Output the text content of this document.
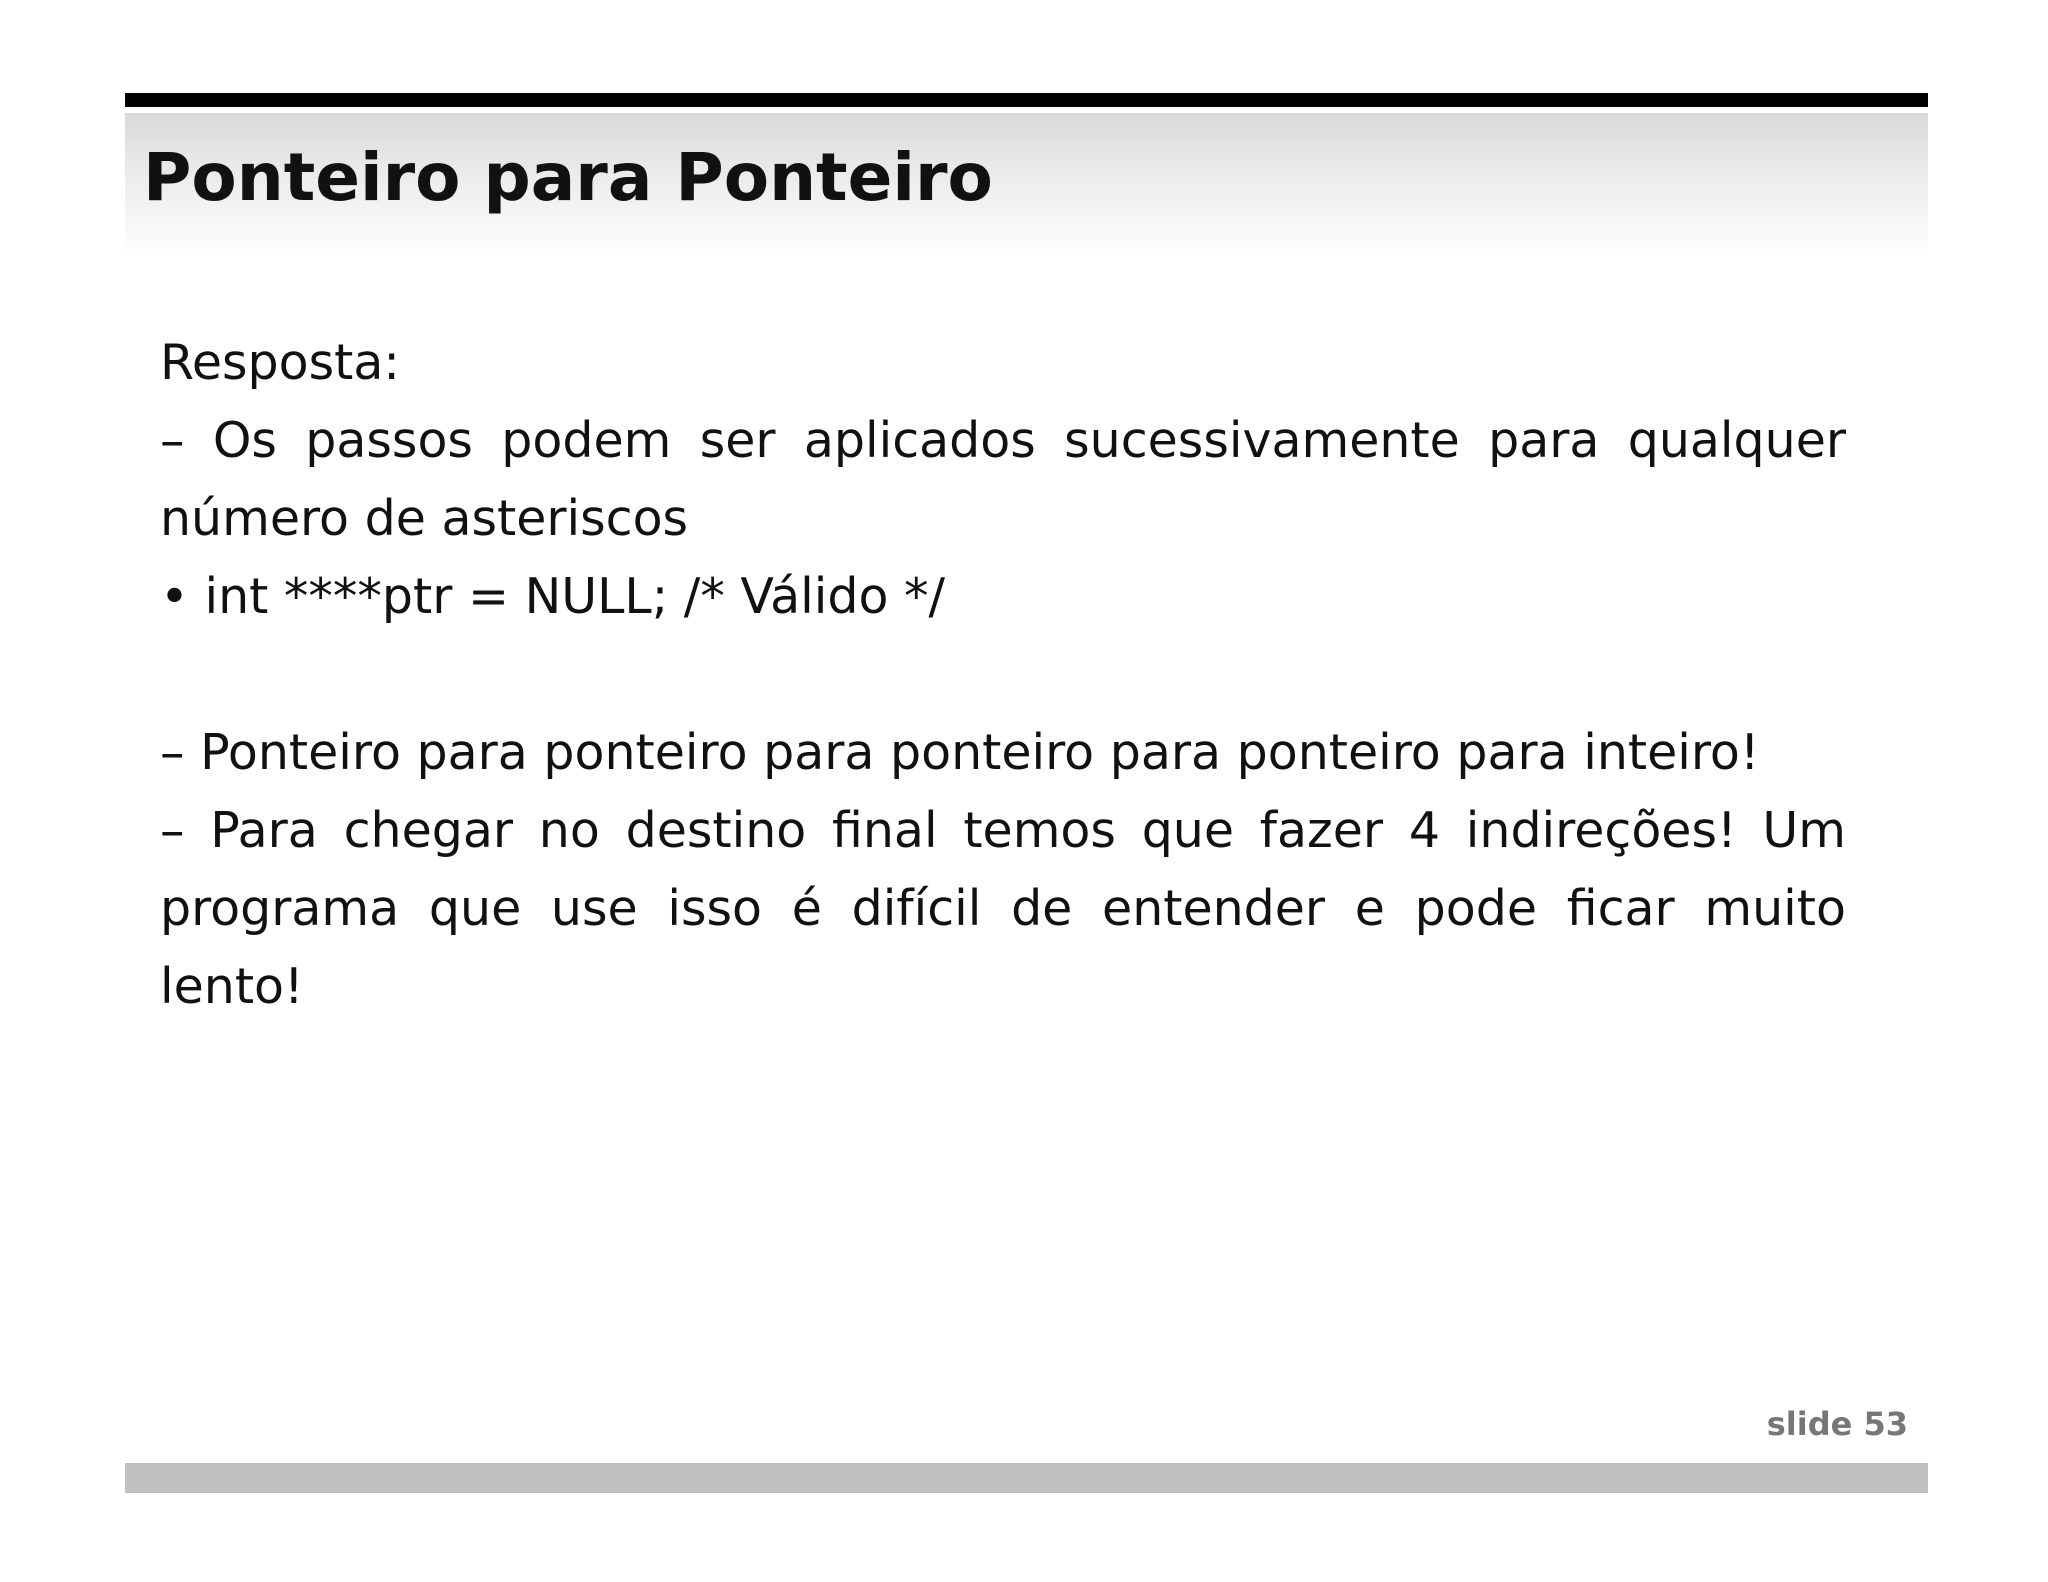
Ponteiro para Ponteiro

Resposta:

– Os passos podem ser aplicados sucessivamente para qualquer número de asteriscos

• int ****ptr = NULL; /* Válido */

– Ponteiro para ponteiro para ponteiro para ponteiro para inteiro!

– Para chegar no destino final temos que fazer 4 indireções! Um programa que use isso é difícil de entender e pode ficar muito lento!

slide 53
